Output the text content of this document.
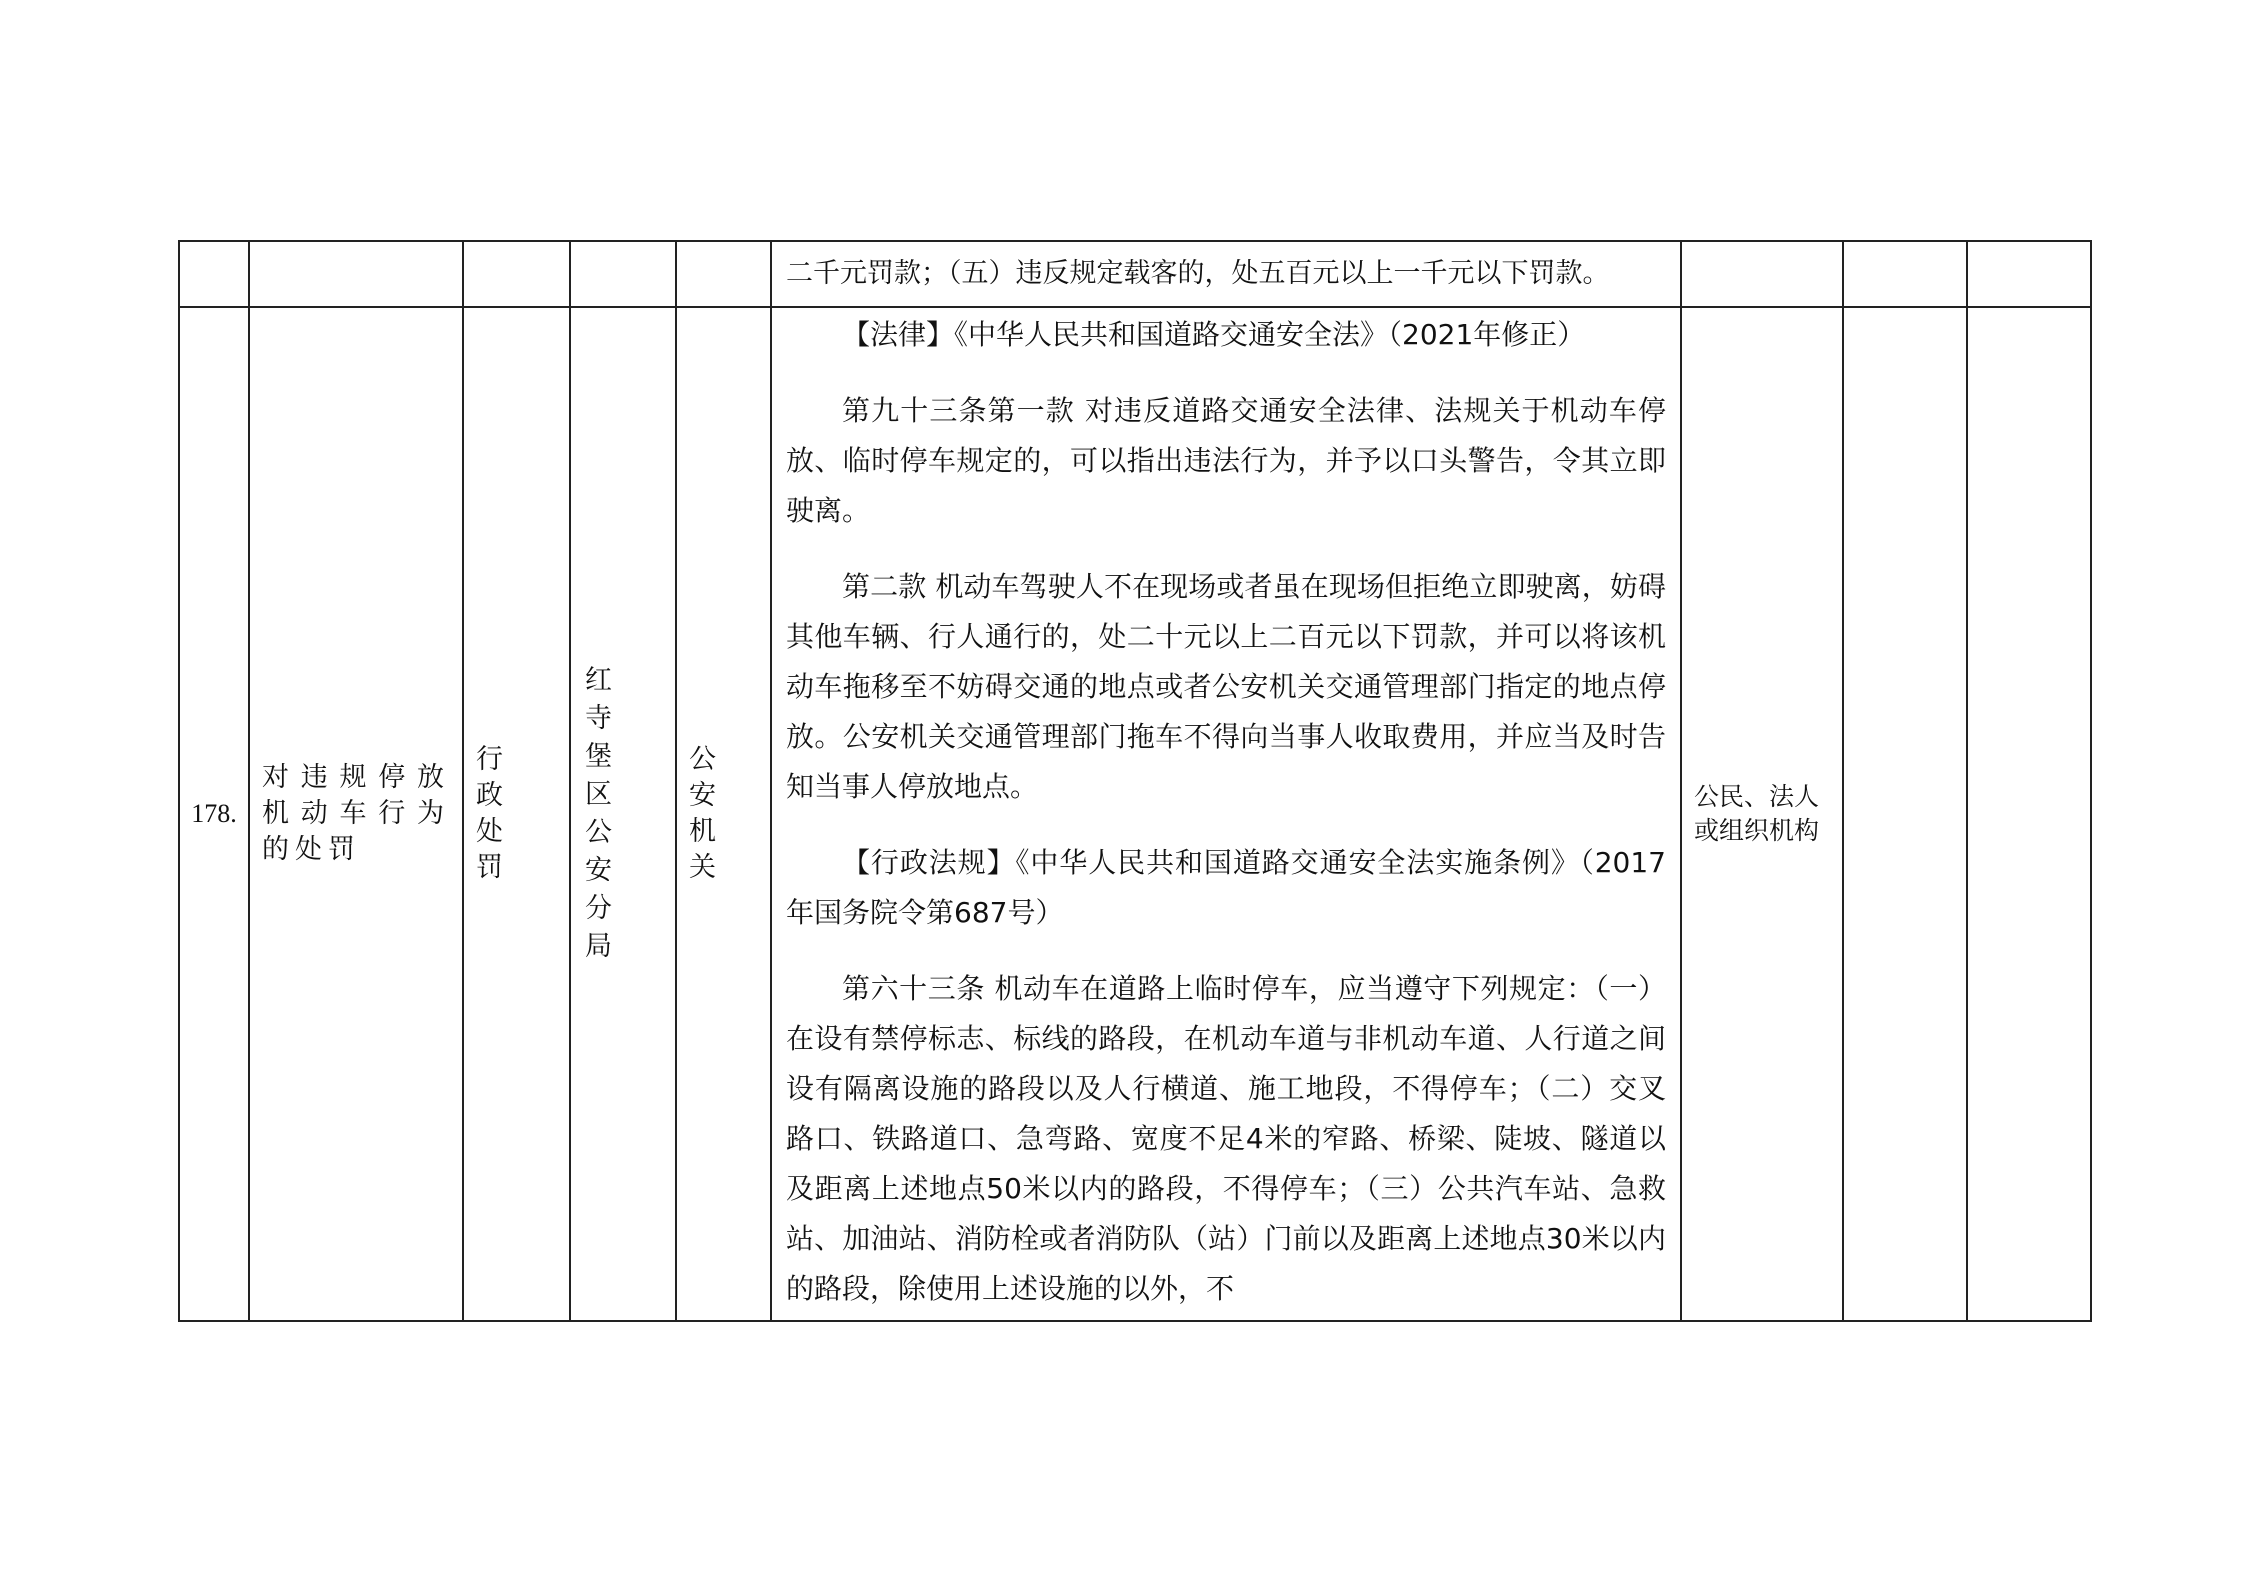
					二千元罚款；（五）违反规定载客的，处五百元以上一千元以下罚款。			

178.	对违规停放机动车行为的处罚	行政处罚	红寺堡区公安分局	公安机关	【法律】《中华人民共和国道路交通安全法》（2021年修正）

第九十三条第一款 对违反道路交通安全法律、法规关于机动车停放、临时停车规定的，可以指出违法行为，并予以口头警告，令其立即驶离。

第二款 机动车驾驶人不在现场或者虽在现场但拒绝立即驶离，妨碍其他车辆、行人通行的，处二十元以上二百元以下罚款，并可以将该机动车拖移至不妨碍交通的地点或者公安机关交通管理部门指定的地点停放。公安机关交通管理部门拖车不得向当事人收取费用，并应当及时告知当事人停放地点。

【行政法规】《中华人民共和国道路交通安全法实施条例》（2017年国务院令第687号）

第六十三条 机动车在道路上临时停车，应当遵守下列规定：（一）在设有禁停标志、标线的路段，在机动车道与非机动车道、人行道之间设有隔离设施的路段以及人行横道、施工地段，不得停车；（二）交叉路口、铁路道口、急弯路、宽度不足4米的窄路、桥梁、陡坡、隧道以及距离上述地点50米以内的路段，不得停车；（三）公共汽车站、急救站、加油站、消防栓或者消防队（站）门前以及距离上述地点30米以内的路段，除使用上述设施的以外，不	公民、法人或组织机构		
